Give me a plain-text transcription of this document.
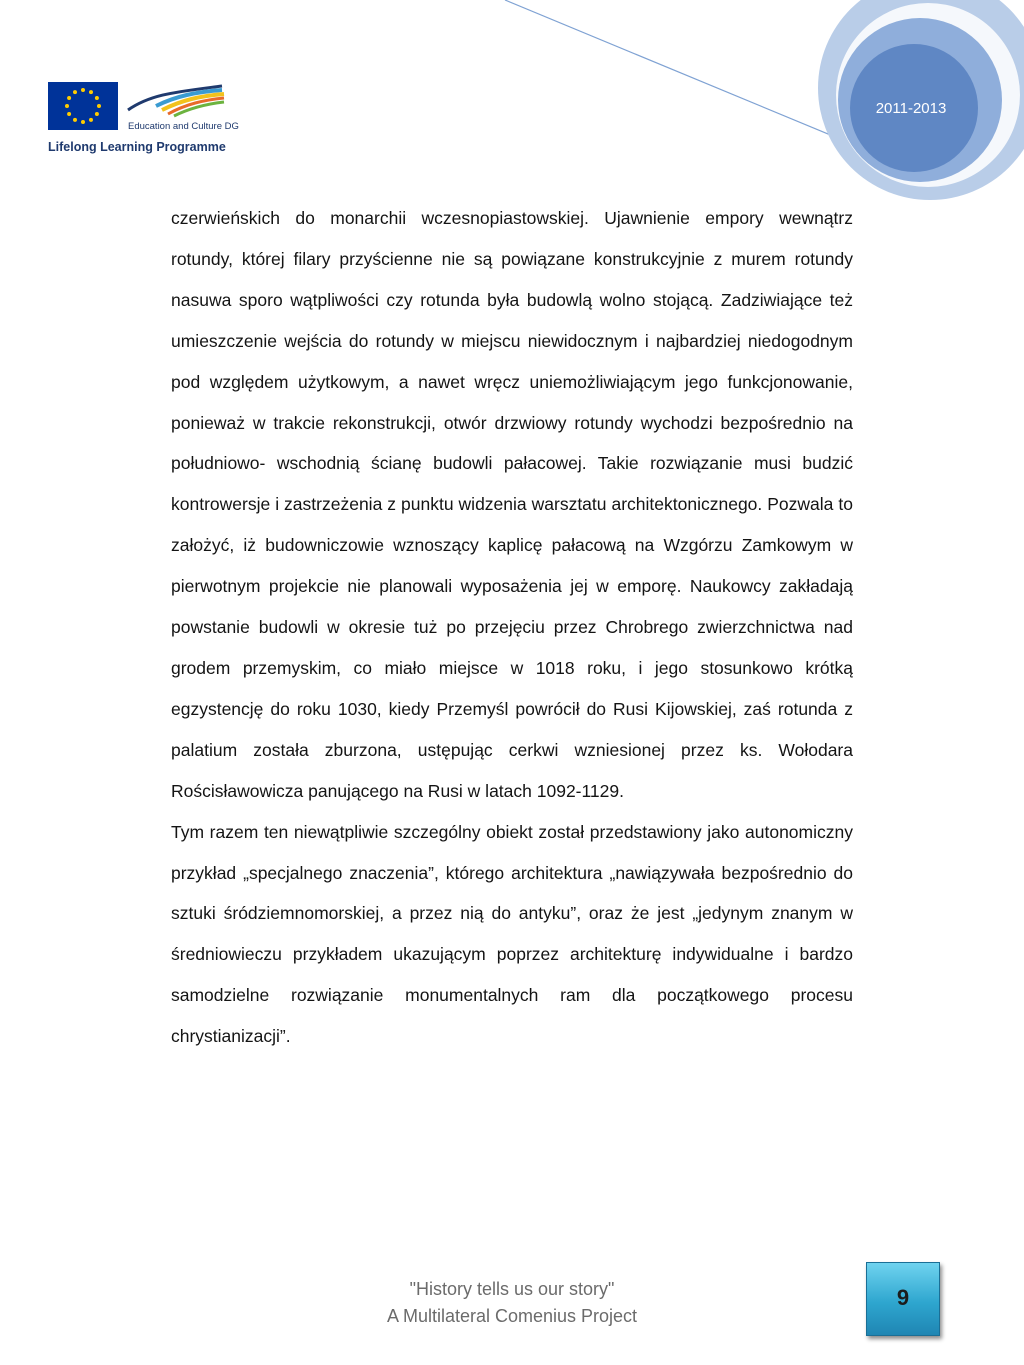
Education and Culture DG
Lifelong Learning Programme
2011-2013

czerwieńskich do monarchii wczesnopiastowskiej. Ujawnienie empory wewnątrz rotundy, której filary przyścienne nie są powiązane konstrukcyjnie z murem rotundy nasuwa sporo wątpliwości czy rotunda była budowlą wolno stojącą. Zadziwiające też umieszczenie wejścia do rotundy w miejscu niewidocznym i najbardziej niedogodnym pod względem użytkowym, a nawet wręcz uniemożliwiającym jego funkcjonowanie, ponieważ w trakcie rekonstrukcji, otwór drzwiowy rotundy wychodzi bezpośrednio na południowo- wschodnią ścianę budowli pałacowej. Takie rozwiązanie musi budzić kontrowersje i zastrzeżenia z punktu widzenia warsztatu architektonicznego. Pozwala to założyć, iż budowniczowie wznoszący kaplicę pałacową na Wzgórzu Zamkowym w pierwotnym projekcie nie planowali wyposażenia jej w emporę. Naukowcy zakładają powstanie budowli w okresie tuż po przejęciu przez Chrobrego zwierzchnictwa nad grodem przemyskim, co miało miejsce w 1018 roku, i jego stosunkowo krótką egzystencję do roku 1030, kiedy Przemyśl powrócił do Rusi Kijowskiej, zaś rotunda z palatium została zburzona, ustępując cerkwi wzniesionej przez ks. Wołodara Rościsławowicza panującego na Rusi w latach 1092-1129.

Tym razem ten niewątpliwie szczególny obiekt został przedstawiony jako autonomiczny przykład „specjalnego znaczenia”, którego architektura „nawiązywała bezpośrednio do sztuki śródziemnomorskiej, a przez nią do antyku”, oraz że jest „jedynym znanym w średniowieczu przykładem ukazującym poprzez architekturę indywidualne i bardzo samodzielne rozwiązanie monumentalnych ram dla początkowego procesu chrystianizacji”.

"History tells us our story"
A Multilateral Comenius Project
9
